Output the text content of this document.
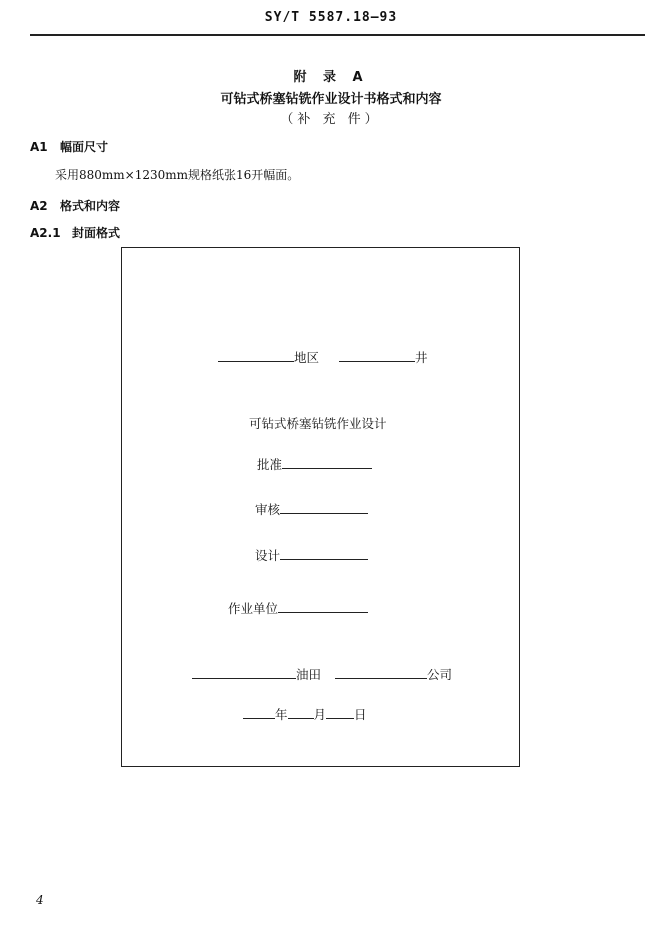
SY/T 5587.18—93
附 录 A
可钻式桥塞钻铣作业设计书格式和内容
（补 充 件）
A1 幅面尺寸
采用880mm×1230mm规格纸张16开幅面。
A2 格式和内容
A2.1 封面格式
地区	井
可钻式桥塞钻铣作业设计
批准
审核
设计
作业单位
油田	公司
年 月 日
4
